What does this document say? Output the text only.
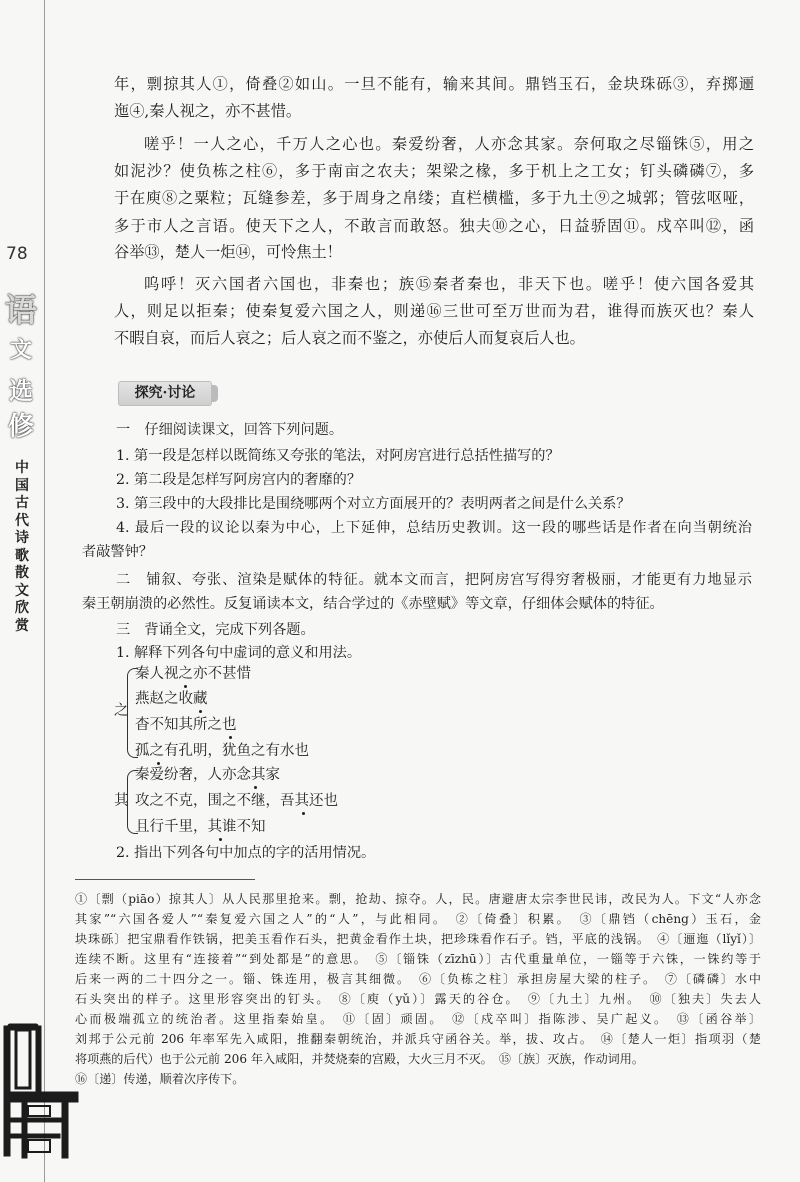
78
语
文
选
修
中国古代诗歌散文欣赏
年，剽掠其人①，倚叠②如山。一旦不能有，输来其间。鼎铛玉石，金块珠砾③，弃掷逦
迤④,秦人视之，亦不甚惜。
嗟乎！一人之心，千万人之心也。秦爱纷奢，人亦念其家。奈何取之尽锱铢⑤，用之
如泥沙？使负栋之柱⑥，多于南亩之农夫；架梁之椽，多于机上之工女；钉头磷磷⑦，多
于在庾⑧之粟粒；瓦缝参差，多于周身之帛缕；直栏横槛，多于九土⑨之城郭；管弦呕哑，
多于市人之言语。使天下之人，不敢言而敢怒。独夫⑩之心，日益骄固⑪。戍卒叫⑫，函
谷举⑬，楚人一炬⑭，可怜焦土！
呜呼！灭六国者六国也，非秦也；族⑮秦者秦也，非天下也。嗟乎！使六国各爱其
人，则足以拒秦；使秦复爱六国之人，则递⑯三世可至万世而为君，谁得而族灭也？秦人
不暇自哀，而后人哀之；后人哀之而不鉴之，亦使后人而复哀后人也。
探究·讨论
一　仔细阅读课文，回答下列问题。
1. 第一段是怎样以既简练又夸张的笔法，对阿房宫进行总括性描写的？
2. 第二段是怎样写阿房宫内的奢靡的？
3. 第三段中的大段排比是围绕哪两个对立方面展开的？表明两者之间是什么关系？
4. 最后一段的议论以秦为中心，上下延伸，总结历史教训。这一段的哪些话是作者在向当朝统治
者敲警钟？
二　铺叙、夸张、渲染是赋体的特征。就本文而言，把阿房宫写得穷奢极丽，才能更有力地显示
秦王朝崩溃的必然性。反复诵读本文，结合学过的《赤壁赋》等文章，仔细体会赋体的特征。
三　背诵全文，完成下列各题。
1. 解释下列各句中虚词的意义和用法。
之
秦人视之亦不甚惜
燕赵之收藏
杳不知其所之也
孤之有孔明，犹鱼之有水也
其
秦爱纷奢，人亦念其家
攻之不克，围之不继，吾其还也
且行千里，其谁不知
2. 指出下列各句中加点的字的活用情况。
①〔剽（piāo）掠其人〕从人民那里抢来。剽，抢劫、掠夺。人，民。唐避唐太宗李世民讳，改民为人。下文“人亦念
其家”“六国各爱人”“秦复爱六国之人”的“人”，与此相同。　②〔倚叠〕积累。　③〔鼎铛（chēng）玉石，金
块珠砾〕把宝鼎看作铁锅，把美玉看作石头，把黄金看作土块，把珍珠看作石子。铛，平底的浅锅。　④〔逦迤（lǐyǐ）〕
连续不断。这里有“连接着”“到处都是”的意思。　⑤〔锱铢（zīzhū）〕古代重量单位，一锱等于六铢，一铢约等于
后来一两的二十四分之一。锱、铢连用，极言其细微。　⑥〔负栋之柱〕承担房屋大梁的柱子。　⑦〔磷磷〕水中
石头突出的样子。这里形容突出的钉头。　⑧〔庾（yǔ）〕露天的谷仓。　⑨〔九土〕九州。　⑩〔独夫〕失去人
心而极端孤立的统治者。这里指秦始皇。　⑪〔固〕顽固。　⑫〔戍卒叫〕指陈涉、吴广起义。　⑬〔函谷举〕
刘邦于公元前 206 年率军先入咸阳，推翻秦朝统治，并派兵守函谷关。举，拔、攻占。　⑭〔楚人一炬〕指项羽（楚
将项燕的后代）也于公元前 206 年入咸阳，并焚烧秦的宫殿，大火三月不灭。　⑮〔族〕灭族，作动词用。
⑯〔递〕传递，顺着次序传下。
